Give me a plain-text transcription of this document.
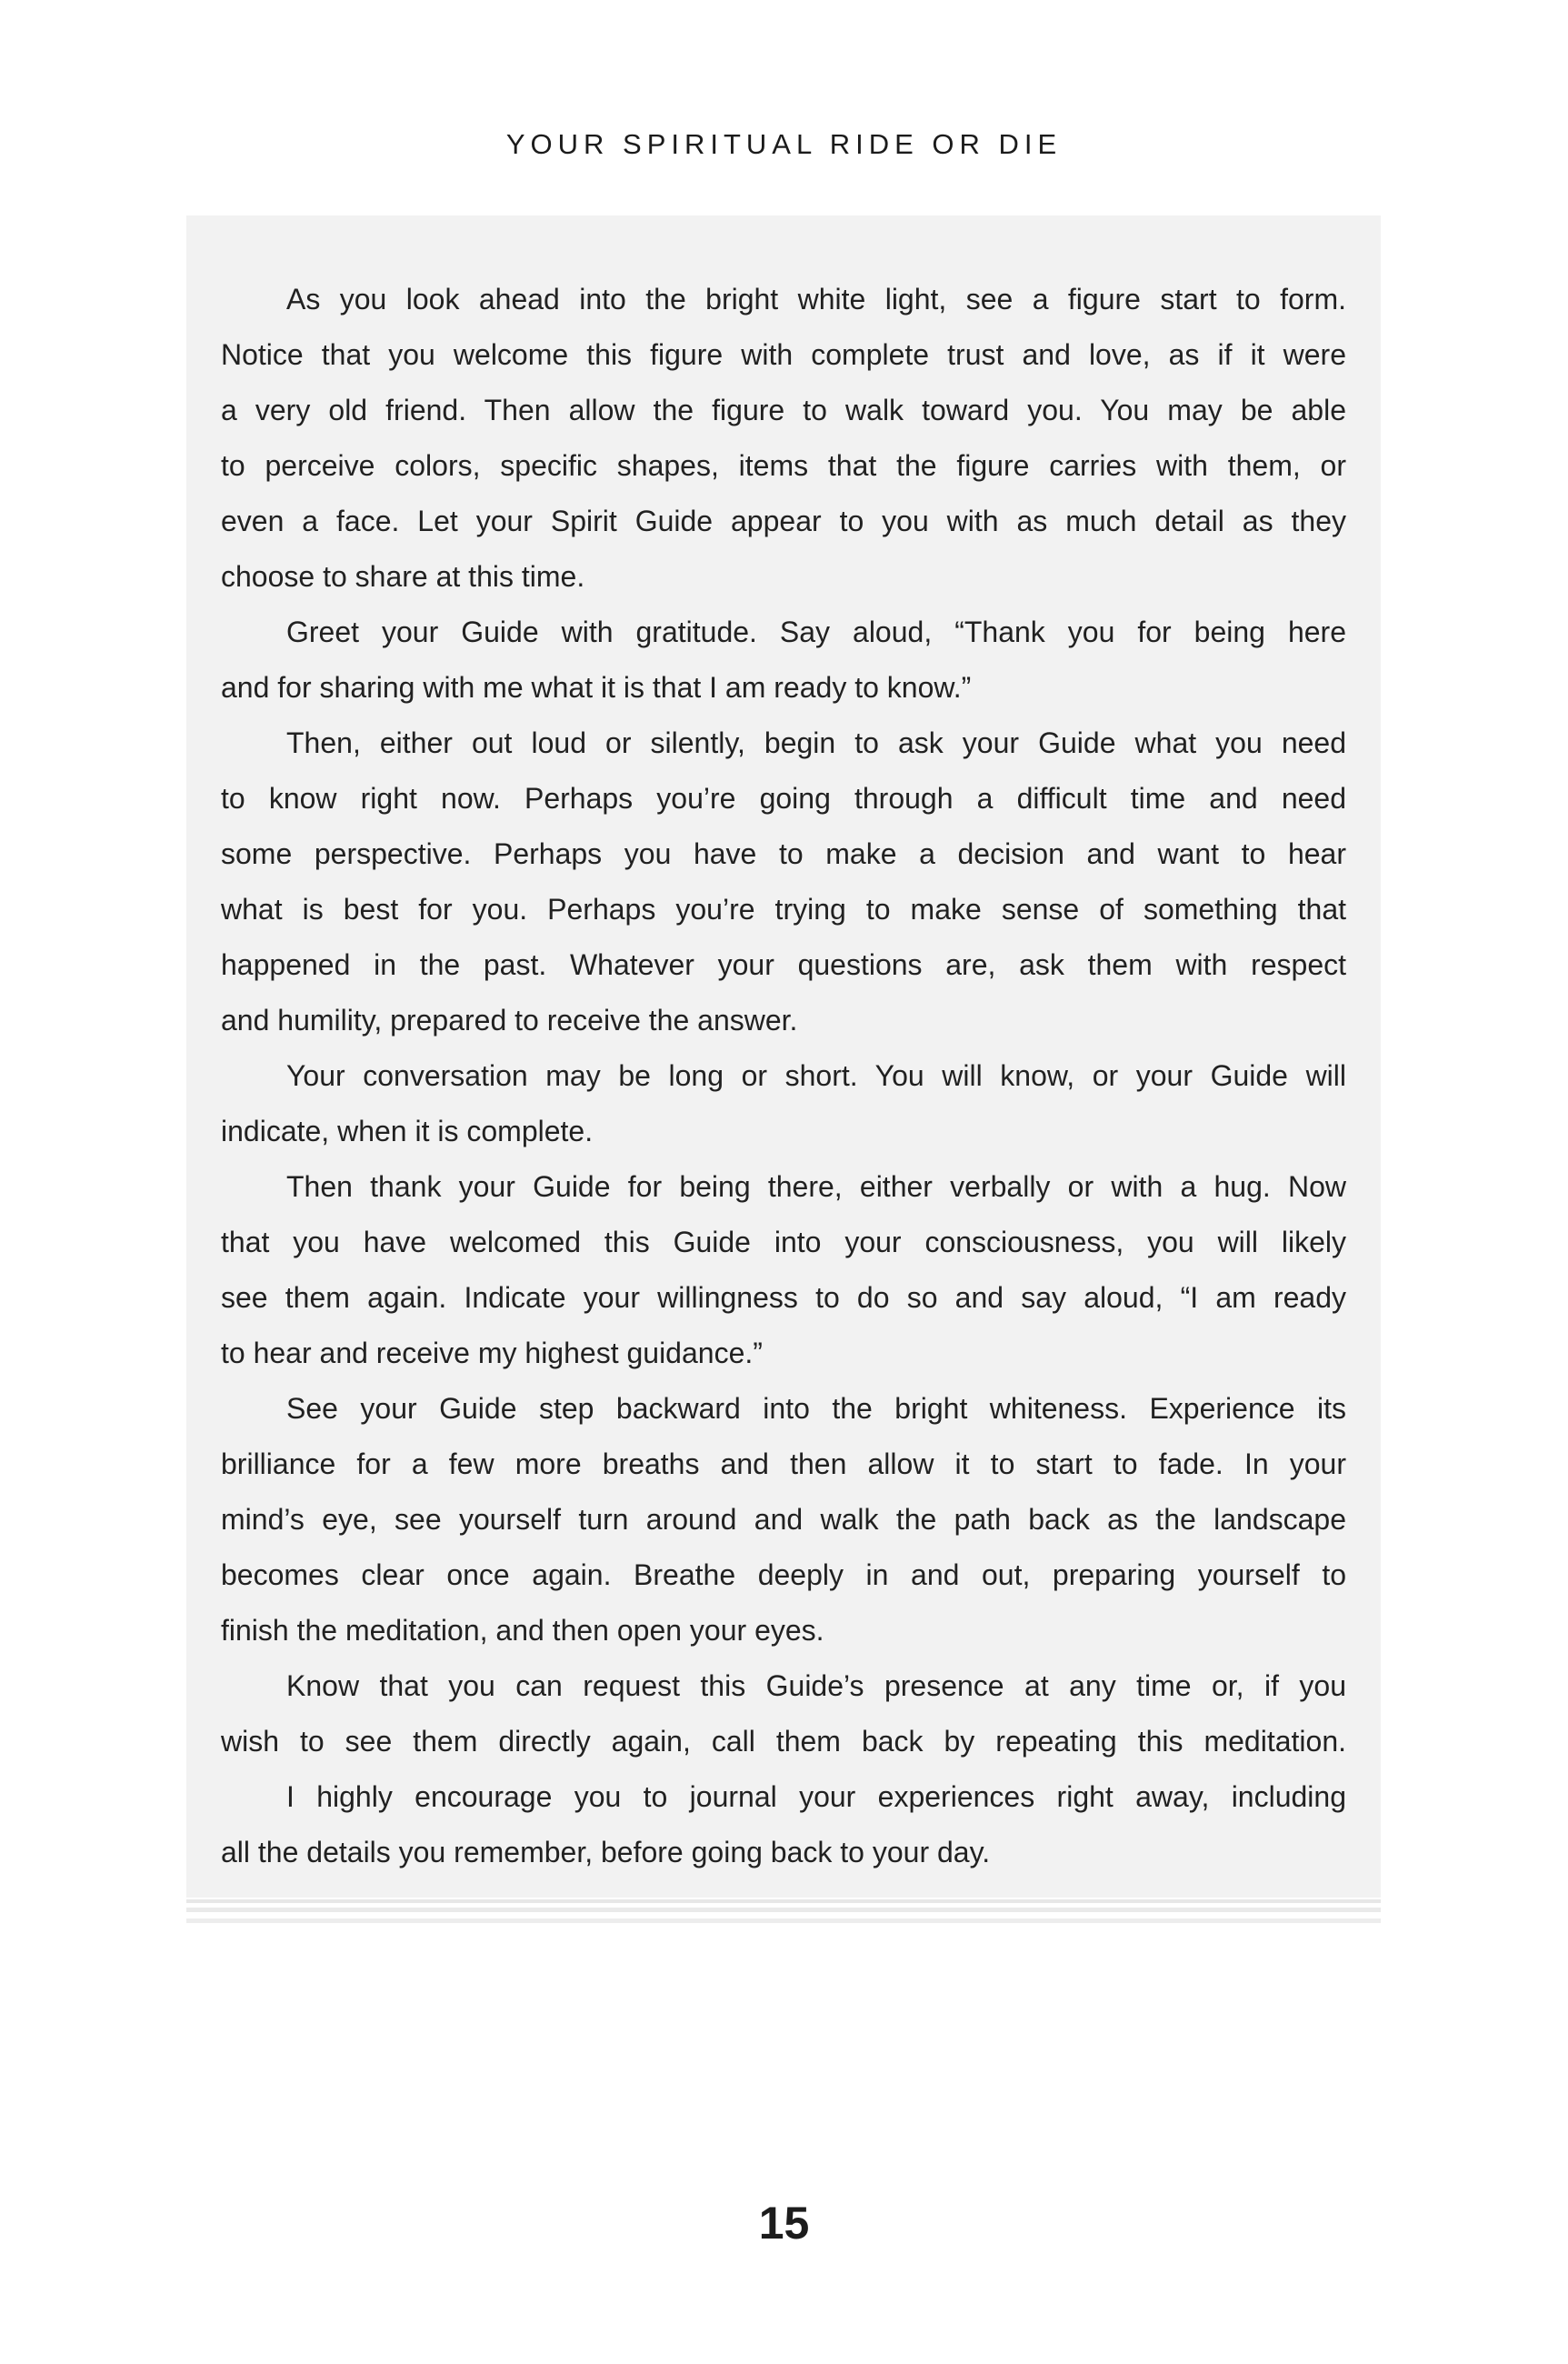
YOUR SPIRITUAL RIDE OR DIE
As you look ahead into the bright white light, see a figure start to form.
Notice that you welcome this figure with complete trust and love, as if it were
a very old friend. Then allow the figure to walk toward you. You may be able
to perceive colors, specific shapes, items that the figure carries with them, or
even a face. Let your Spirit Guide appear to you with as much detail as they
choose to share at this time.
Greet your Guide with gratitude. Say aloud, “Thank you for being here
and for sharing with me what it is that I am ready to know.”
Then, either out loud or silently, begin to ask your Guide what you need
to know right now. Perhaps you’re going through a difficult time and need
some perspective. Perhaps you have to make a decision and want to hear
what is best for you. Perhaps you’re trying to make sense of something that
happened in the past. Whatever your questions are, ask them with respect
and humility, prepared to receive the answer.
Your conversation may be long or short. You will know, or your Guide will
indicate, when it is complete.
Then thank your Guide for being there, either verbally or with a hug. Now
that you have welcomed this Guide into your consciousness, you will likely
see them again. Indicate your willingness to do so and say aloud, “I am ready
to hear and receive my highest guidance.”
See your Guide step backward into the bright whiteness. Experience its
brilliance for a few more breaths and then allow it to start to fade. In your
mind’s eye, see yourself turn around and walk the path back as the landscape
becomes clear once again. Breathe deeply in and out, preparing yourself to
finish the meditation, and then open your eyes.
Know that you can request this Guide’s presence at any time or, if you
wish to see them directly again, call them back by repeating this meditation.
I highly encourage you to journal your experiences right away, including
all the details you remember, before going back to your day.
15
